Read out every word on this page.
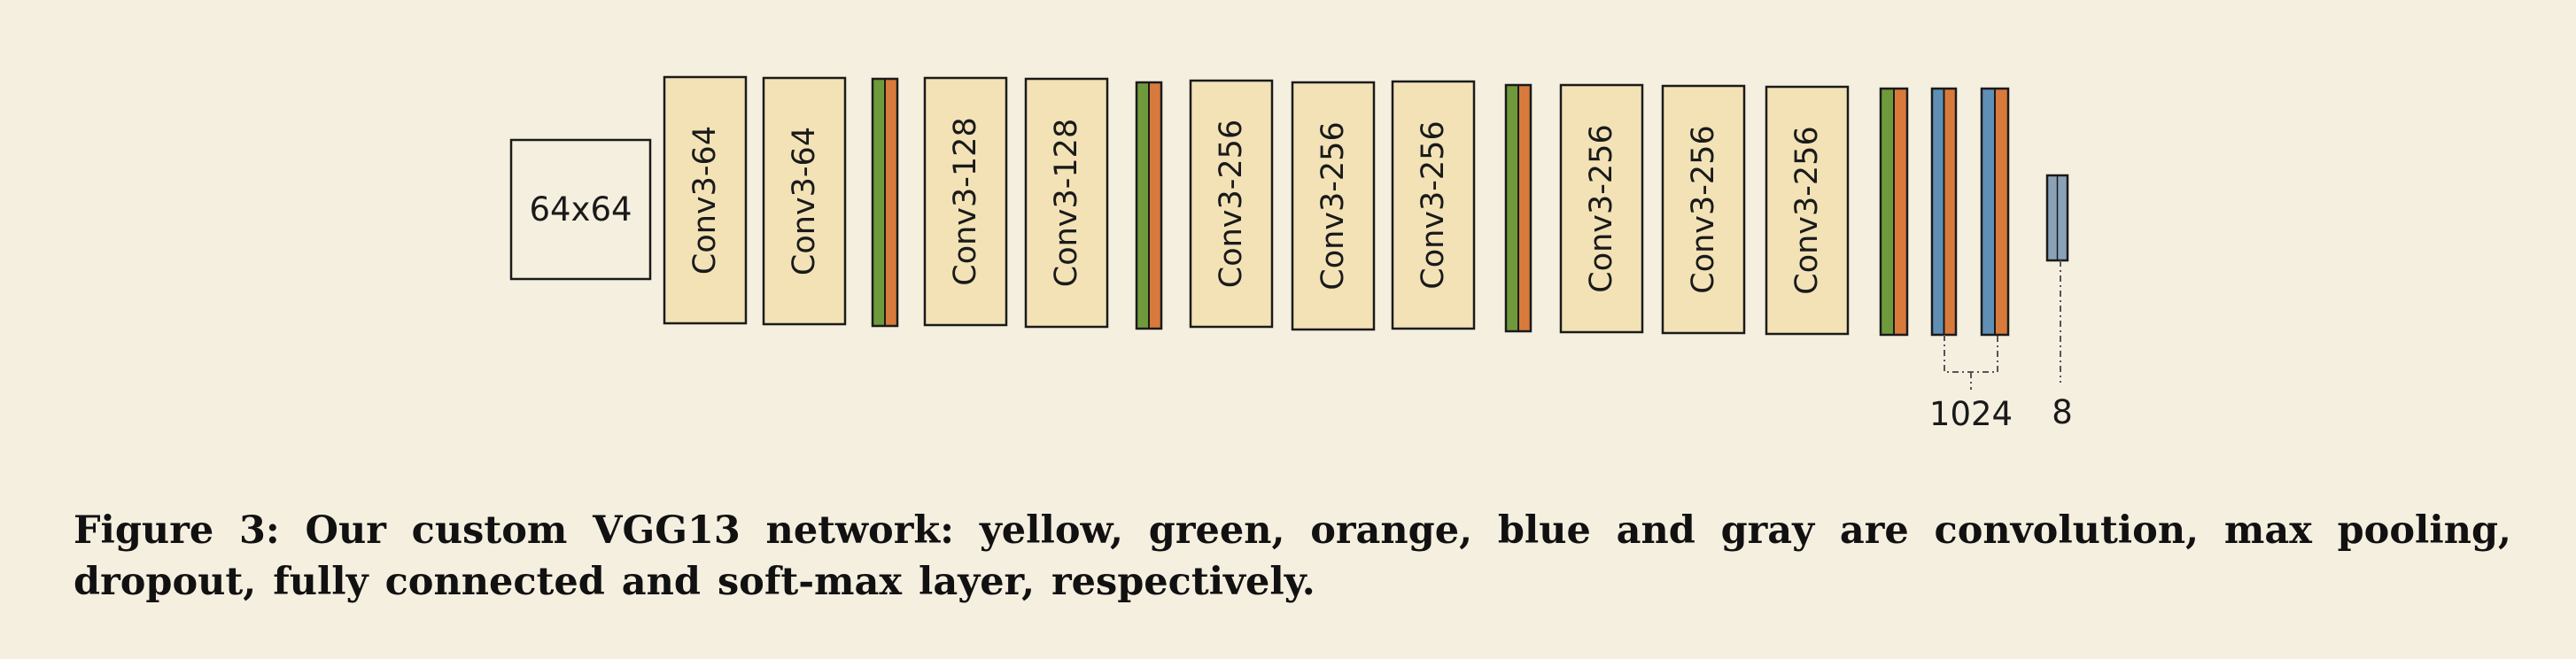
64x64 Conv3-64 Conv3-64	Conv3-128 Conv3-128	Conv3-256 Conv3-256 Conv3-256	Conv3-256 Conv3-256 Conv3-256
1024 8

Figure 3: Our custom VGG13 network: yellow, green, orange, blue and gray are convolution, max pooling, dropout, fully connected and soft-max layer, respectively.
